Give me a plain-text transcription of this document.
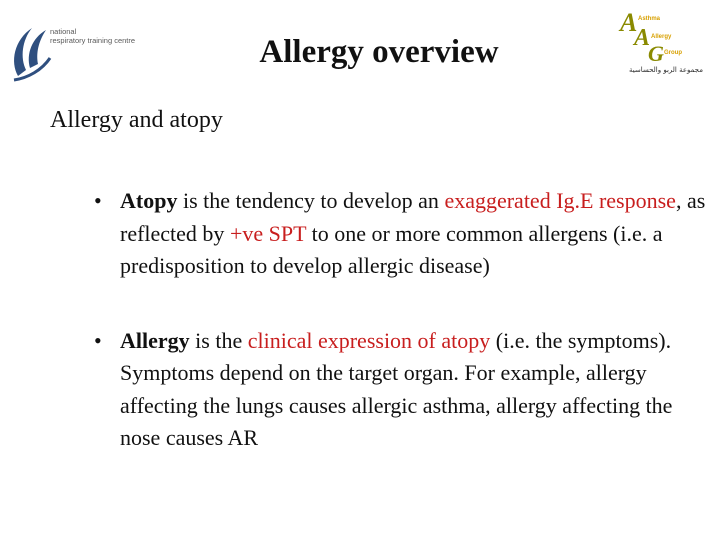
national
respiratory training centre	Allergy overview
A Asthma
A Allergy
G Group
مجموعة الربو والحساسية
Allergy and atopy
• Atopy is the tendency to develop an exaggerated Ig.E response, as reflected by +ve SPT to one or more common allergens (i.e. a predisposition to develop allergic disease)
• Allergy is the clinical expression of atopy (i.e. the symptoms). Symptoms depend on the target organ. For example, allergy affecting the lungs causes allergic asthma, allergy affecting the nose causes AR
